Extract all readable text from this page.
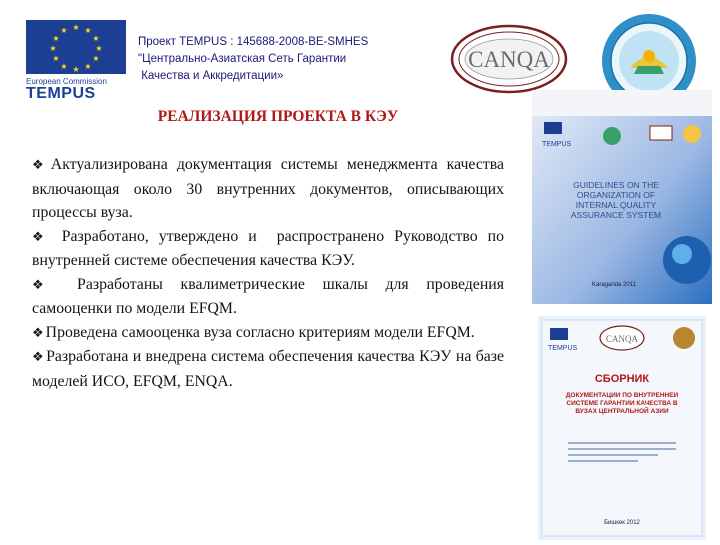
★ ★
★
★
★
★
★
★
★
★
★
★
European Commission
TEMPUS
Проект TEMPUS : 145688-2008-BE-SMHES
"Центрально-Азиатская Сеть Гарантии
Качества и Аккредитации»
CANQA
РЕАЛИЗАЦИЯ ПРОЕКТА В КЭУ

❖ Актуализирована документация системы менеджмента качества включающая около 30 внутренних документов, описывающих процессы вуза.

❖ Разработано, утверждено и  распространено Руководство по внутренней системе обеспечения качества КЭУ.

❖ Разработаны квалиметрические шкалы для проведения самооценки по модели EFQM.

❖ Проведена самооценка вуза согласно критериям модели EFQM.

❖ Разработана и внедрена система обеспечения качества КЭУ на базе моделей ИСО, EFQM, ENQA.

TEMPUS
GUIDELINES ON THE ORGANIZATION OF INTERNAL QUALITY ASSURANCE SYSTEM
Karaganda 2011
TEMPUS
CANQA
СБОРНИК
ДОКУМЕНТАЦИИ ПО ВНУТРЕННЕЙ СИСТЕМЕ ГАРАНТИИ КАЧЕСТВА В ВУЗАХ ЦЕНТРАЛЬНОЙ АЗИИ
Бишкек 2012
